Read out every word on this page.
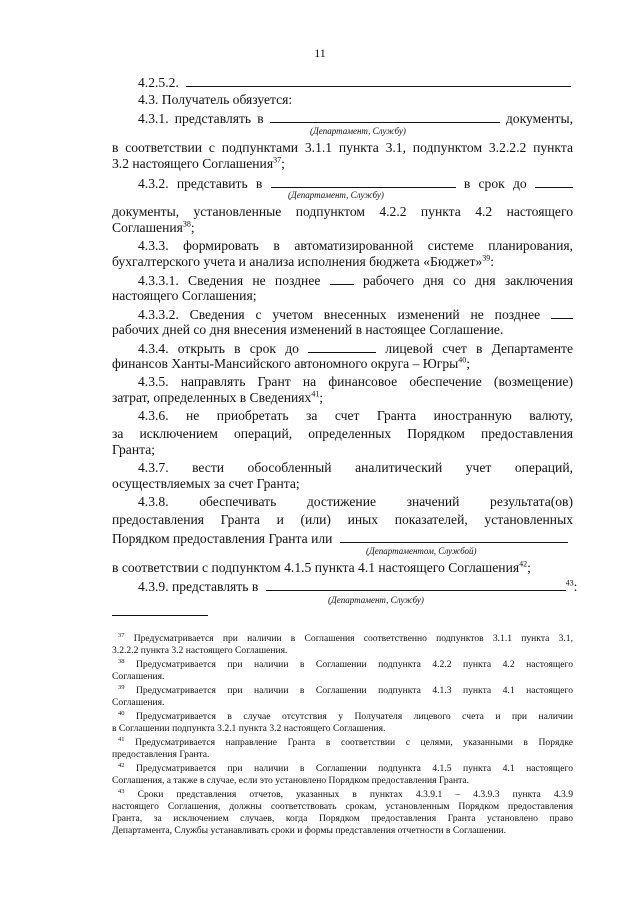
11
4.2.5.2.
4.3. Получатель обязуется:
4.3.1. представлять в	документы,
(Департамент, Службу)
в соответствии с подпунктами 3.1.1 пункта 3.1, подпунктом 3.2.2.2 пункта
3.2 настоящего Соглашения$^{37}$;
4.3.2. представить в	в срок до
(Департамент, Службу)
документы, установленные подпунктом 4.2.2 пункта 4.2 настоящего
Соглашения$^{38}$;
4.3.3. формировать в автоматизированной системе планирования,
бухгалтерского учета и анализа исполнения бюджета «Бюджет»$^{39}$:
4.3.3.1. Сведения не позднее	рабочего дня со дня заключения
настоящего Соглашения;
4.3.3.2. Сведения с учетом внесенных изменений не позднее
рабочих дней со дня внесения изменений в настоящее Соглашение.
4.3.4. открыть в срок до	лицевой счет в Департаменте
финансов Ханты-Мансийского автономного округа – Югры$^{40}$;
4.3.5. направлять Грант на финансовое обеспечение (возмещение)
затрат, определенных в Сведениях$^{41}$;
4.3.6. не приобретать за счет Гранта иностранную валюту,
за исключением операций, определенных Порядком предоставления
Гранта;
4.3.7. вести обособленный аналитический учет операций,
осуществляемых за счет Гранта;
4.3.8. обеспечивать достижение значений результата(ов)
предоставления Гранта и (или) иных показателей, установленных
Порядком предоставления Гранта или
(Департаментом, Службой)
в соответствии с подпунктом 4.1.5 пункта 4.1 настоящего Соглашения$^{42}$;
4.3.9. представлять в	$^{43}$:
(Департамент, Службу)
$^{37}$ Предусматривается при наличии в Соглашения соответственно подпунктов 3.1.1 пункта 3.1,
3.2.2.2 пункта 3.2 настоящего Соглашения.
$^{38}$ Предусматривается при наличии в Соглашении подпункта 4.2.2 пункта 4.2 настоящего
Соглашения.
$^{39}$ Предусматривается при наличии в Соглашении подпункта 4.1.3 пункта 4.1 настоящего
Соглашения.
$^{40}$ Предусматривается в случае отсутствия у Получателя лицевого счета и при наличии
в Соглашении подпункта 3.2.1 пункта 3.2 настоящего Соглашения.
$^{41}$ Предусматривается направление Гранта в соответствии с целями, указанными в Порядке
предоставления Гранта.
$^{42}$ Предусматривается при наличии в Соглашении подпункта 4.1.5 пункта 4.1 настоящего
Соглашения, а также в случае, если это установлено Порядком предоставления Гранта.
$^{43}$ Сроки представления отчетов, указанных в пунктах 4.3.9.1 – 4.3.9.3 пункта 4.3.9
настоящего Соглашения, должны соответствовать срокам, установленным Порядком предоставления
Гранта, за исключением случаев, когда Порядком предоставления Гранта установлено право
Департамента, Службы устанавливать сроки и формы представления отчетности в Соглашении.
